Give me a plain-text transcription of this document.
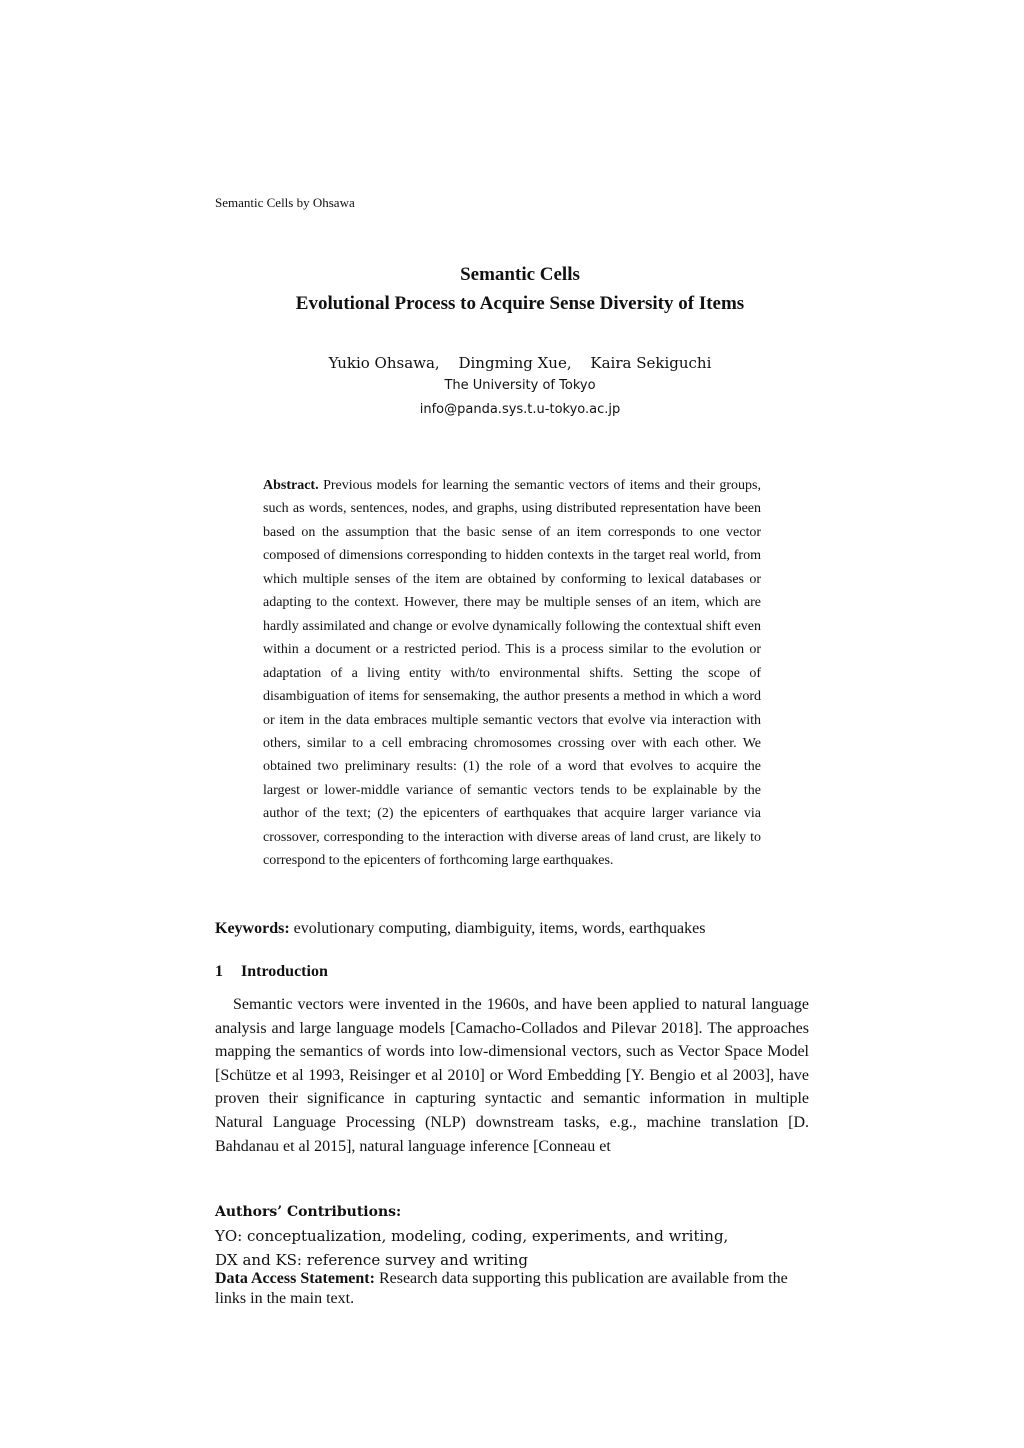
Semantic Cells by Ohsawa
Semantic Cells
Evolutional Process to Acquire Sense Diversity of Items
Yukio Ohsawa, Dingming Xue, Kaira Sekiguchi
The University of Tokyo
info@panda.sys.t.u-tokyo.ac.jp
Abstract. Previous models for learning the semantic vectors of items and their groups, such as words, sentences, nodes, and graphs, using distributed representation have been based on the assumption that the basic sense of an item corresponds to one vector composed of dimensions corresponding to hidden contexts in the target real world, from which multiple senses of the item are obtained by conforming to lexical databases or adapting to the context. However, there may be multiple senses of an item, which are hardly assimilated and change or evolve dynamically following the contextual shift even within a document or a restricted period. This is a process similar to the evolution or adaptation of a living entity with/to environmental shifts. Setting the scope of disambiguation of items for sensemaking, the author presents a method in which a word or item in the data embraces multiple semantic vectors that evolve via interaction with others, similar to a cell embracing chromosomes crossing over with each other. We obtained two preliminary results: (1) the role of a word that evolves to acquire the largest or lower-middle variance of semantic vectors tends to be explainable by the author of the text; (2) the epicenters of earthquakes that acquire larger variance via crossover, corresponding to the interaction with diverse areas of land crust, are likely to correspond to the epicenters of forthcoming large earthquakes.
Keywords: evolutionary computing, diambiguity, items, words, earthquakes
1 Introduction
Semantic vectors were invented in the 1960s, and have been applied to natural language analysis and large language models [Camacho-Collados and Pilevar 2018]. The approaches mapping the semantics of words into low-dimensional vectors, such as Vector Space Model [Schütze et al 1993, Reisinger et al 2010] or Word Embedding [Y. Bengio et al 2003], have proven their significance in capturing syntactic and semantic information in multiple Natural Language Processing (NLP) downstream tasks, e.g., machine translation [D. Bahdanau et al 2015], natural language inference [Conneau et
Authors’ Contributions:
YO: conceptualization, modeling, coding, experiments, and writing,
DX and KS: reference survey and writing
Data Access Statement: Research data supporting this publication are available from the links in the main text.
